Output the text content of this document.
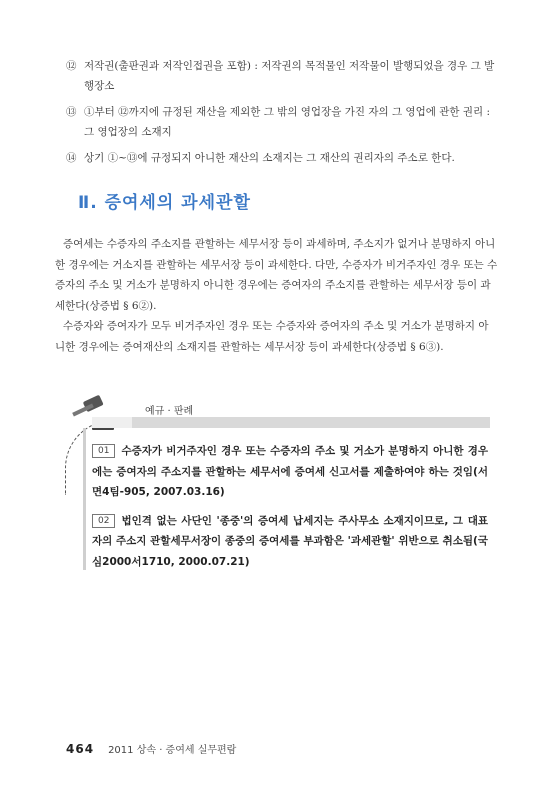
⑫ 저작권(출판권과 저작인접권을 포함) : 저작권의 목적물인 저작물이 발행되었을 경우 그 발행장소
⑬ ①부터 ⑫까지에 규정된 재산을 제외한 그 밖의 영업장을 가진 자의 그 영업에 관한 권리 : 그 영업장의 소재지
⑭ 상기 ①~⑬에 규정되지 아니한 재산의 소재지는 그 재산의 권리자의 주소로 한다.
Ⅱ. 증여세의 과세관할

증여세는 수증자의 주소지를 관할하는 세무서장 등이 과세하며, 주소지가 없거나 분명하지 아니한 경우에는 거소지를 관할하는 세무서장 등이 과세한다. 다만, 수증자가 비거주자인 경우 또는 수증자의 주소 및 거소가 분명하지 아니한 경우에는 증여자의 주소지를 관할하는 세무서장 등이 과세한다(상증법 § 6②).

수증자와 증여자가 모두 비거주자인 경우 또는 수증자와 증여자의 주소 및 거소가 분명하지 아니한 경우에는 증여재산의 소재지를 관할하는 세무서장 등이 과세한다(상증법 § 6③).

예규 · 판례
01 수증자가 비거주자인 경우 또는 수증자의 주소 및 거소가 분명하지 아니한 경우에는 증여자의 주소지를 관할하는 세무서에 증여세 신고서를 제출하여야 하는 것임(서면4팀-905, 2007.03.16)
02 법인격 없는 사단인 '종중'의 증여세 납세지는 주사무소 소재지이므로, 그 대표자의 주소지 관할세무서장이 종중의 증여세를 부과함은 '과세관할' 위반으로 취소됨(국심2000서1710, 2000.07.21)
464 2011 상속 · 증여세 실무편람
